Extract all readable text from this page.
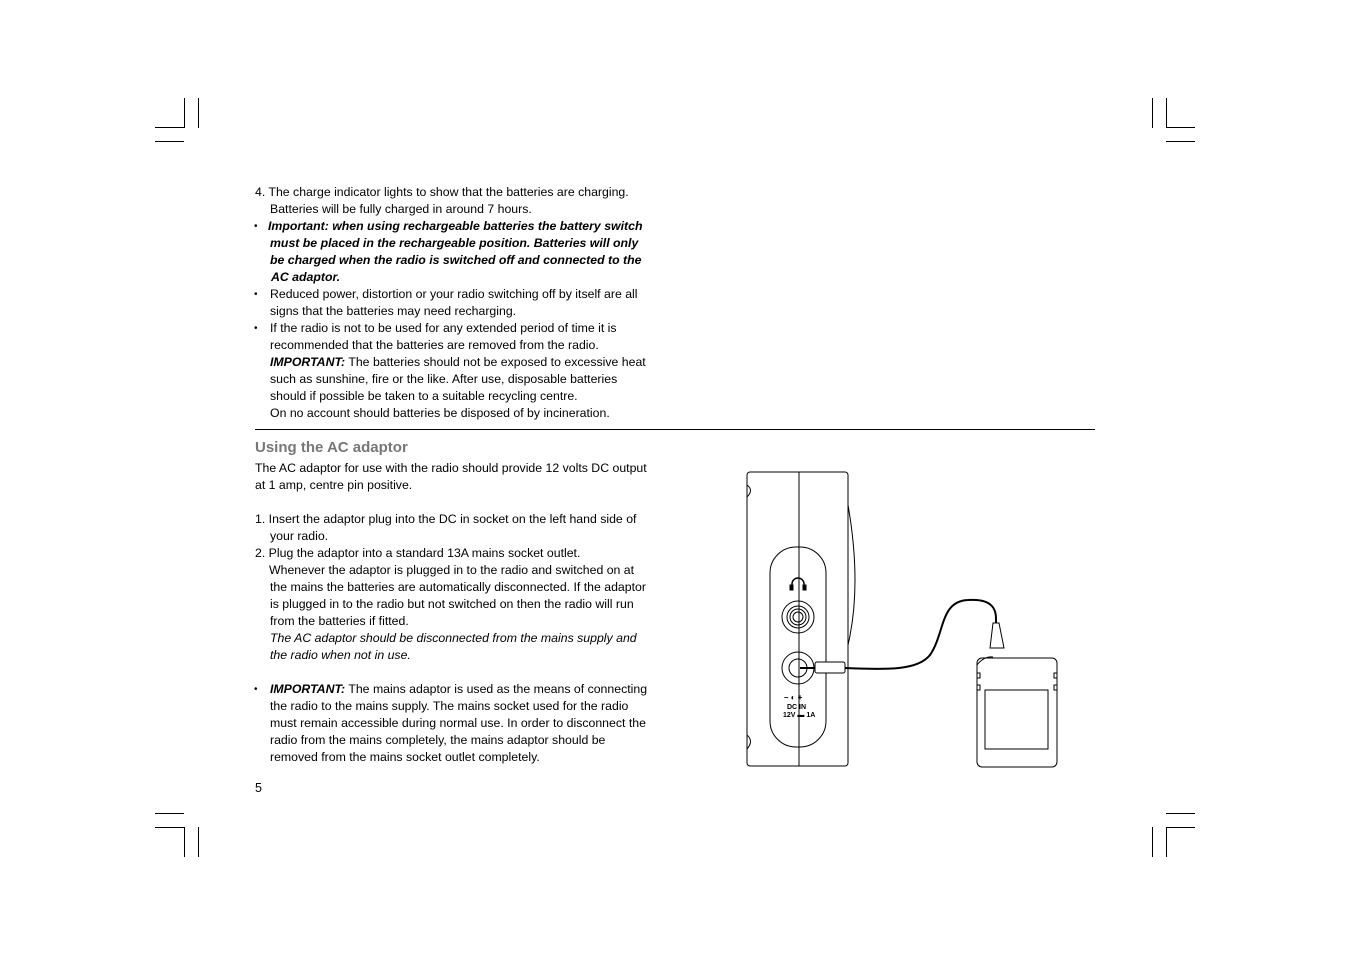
4. The charge indicator lights to show that the batteries are charging.
Batteries will be fully charged in around 7 hours.
• Important: when using rechargeable batteries the battery switch
must be placed in the rechargeable position. Batteries will only
be charged when the radio is switched off and connected to the
AC adaptor.
•	Reduced power, distortion or your radio switching off by itself are all
signs that the batteries may need recharging.
•	If the radio is not to be used for any extended period of time it is
recommended that the batteries are removed from the radio.
IMPORTANT: The batteries should not be exposed to excessive heat
such as sunshine, fire or the like. After use, disposable batteries
should if possible be taken to a suitable recycling centre.
On no account should batteries be disposed of by incineration.
Using the AC adaptor
The AC adaptor for use with the radio should provide 12 volts DC output
at 1 amp, centre pin positive.
1. Insert the adaptor plug into the DC in socket on the left hand side of
your radio.
2. Plug the adaptor into a standard 13A mains socket outlet.
Whenever the adaptor is plugged in to the radio and switched on at
the mains the batteries are automatically disconnected. If the adaptor
is plugged in to the radio but not switched on then the radio will run
from the batteries if fitted.
The AC adaptor should be disconnected from the mains supply and
the radio when not in use.
•	IMPORTANT: The mains adaptor is used as the means of connecting
the radio to the mains supply. The mains socket used for the radio
must remain accessible during normal use. In order to disconnect the
radio from the mains completely, the mains adaptor should be
removed from the mains socket outlet completely.
5
– ◐ +
DC IN
12V ▬ 1A
